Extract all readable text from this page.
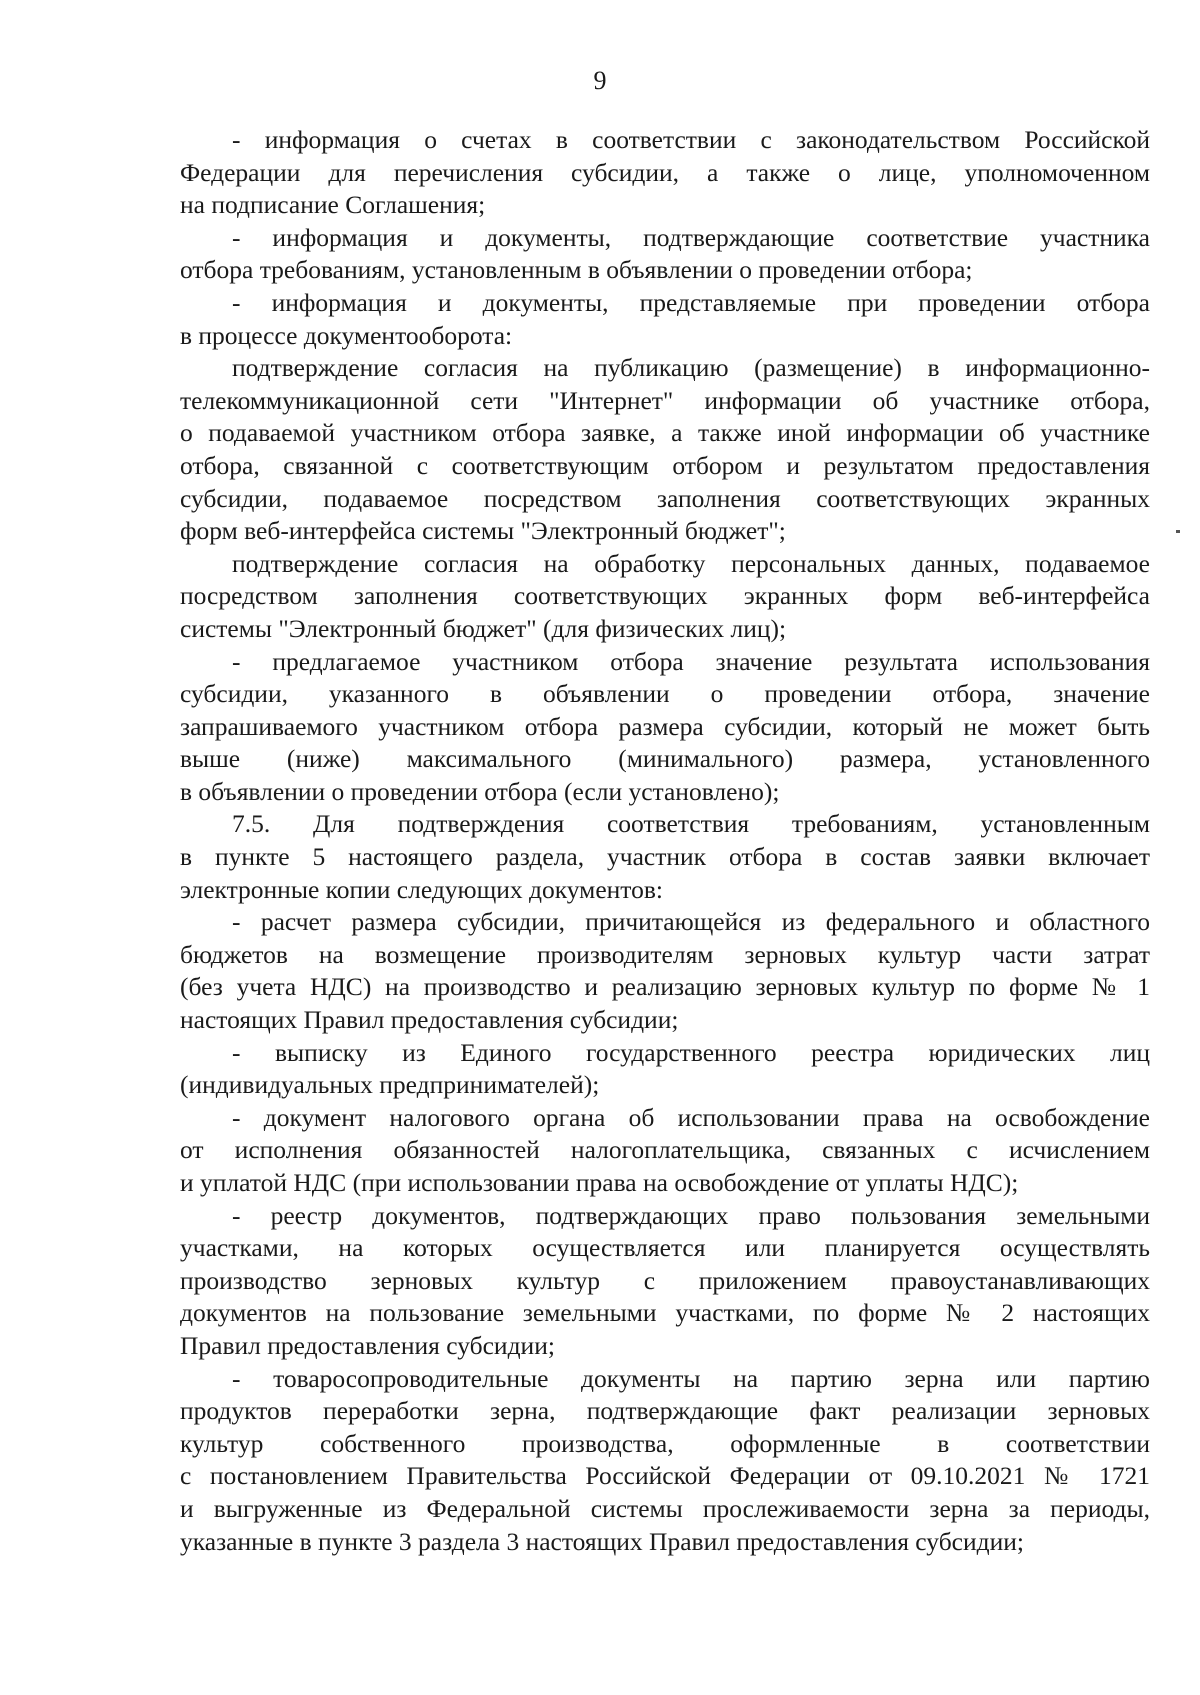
9

- информация о счетах в соответствии с законодательством Российской
Федерации для перечисления субсидии, а также о лице, уполномоченном
на подписание Соглашения;

- информация и документы, подтверждающие соответствие участника
отбора требованиям, установленным в объявлении о проведении отбора;

- информация и документы, представляемые при проведении отбора
в процессе документооборота:

подтверждение согласия на публикацию (размещение) в информационно-
телекоммуникационной сети "Интернет" информации об участнике отбора,
о подаваемой участником отбора заявке, а также иной информации об участнике
отбора, связанной с соответствующим отбором и результатом предоставления
субсидии, подаваемое посредством заполнения соответствующих экранных
форм веб-интерфейса системы "Электронный бюджет";

подтверждение согласия на обработку персональных данных, подаваемое
посредством заполнения соответствующих экранных форм веб-интерфейса
системы "Электронный бюджет" (для физических лиц);

- предлагаемое участником отбора значение результата использования
субсидии, указанного в объявлении о проведении отбора, значение
запрашиваемого участником отбора размера субсидии, который не может быть
выше (ниже) максимального (минимального) размера, установленного
в объявлении о проведении отбора (если установлено);

7.5. Для подтверждения соответствия требованиям, установленным
в пункте 5 настоящего раздела, участник отбора в состав заявки включает
электронные копии следующих документов:

- расчет размера субсидии, причитающейся из федерального и областного
бюджетов на возмещение производителям зерновых культур части затрат
(без учета НДС) на производство и реализацию зерновых культур по форме № 1
настоящих Правил предоставления субсидии;

- выписку из Единого государственного реестра юридических лиц
(индивидуальных предпринимателей);

- документ налогового органа об использовании права на освобождение
от исполнения обязанностей налогоплательщика, связанных с исчислением
и уплатой НДС (при использовании права на освобождение от уплаты НДС);

- реестр документов, подтверждающих право пользования земельными
участками, на которых осуществляется или планируется осуществлять
производство зерновых культур с приложением правоустанавливающих
документов на пользование земельными участками, по форме № 2 настоящих
Правил предоставления субсидии;

- товаросопроводительные документы на партию зерна или партию
продуктов переработки зерна, подтверждающие факт реализации зерновых
культур собственного производства, оформленные в соответствии
с постановлением Правительства Российской Федерации от 09.10.2021 № 1721
и выгруженные из Федеральной системы прослеживаемости зерна за периоды,
указанные в пункте 3 раздела 3 настоящих Правил предоставления субсидии;
